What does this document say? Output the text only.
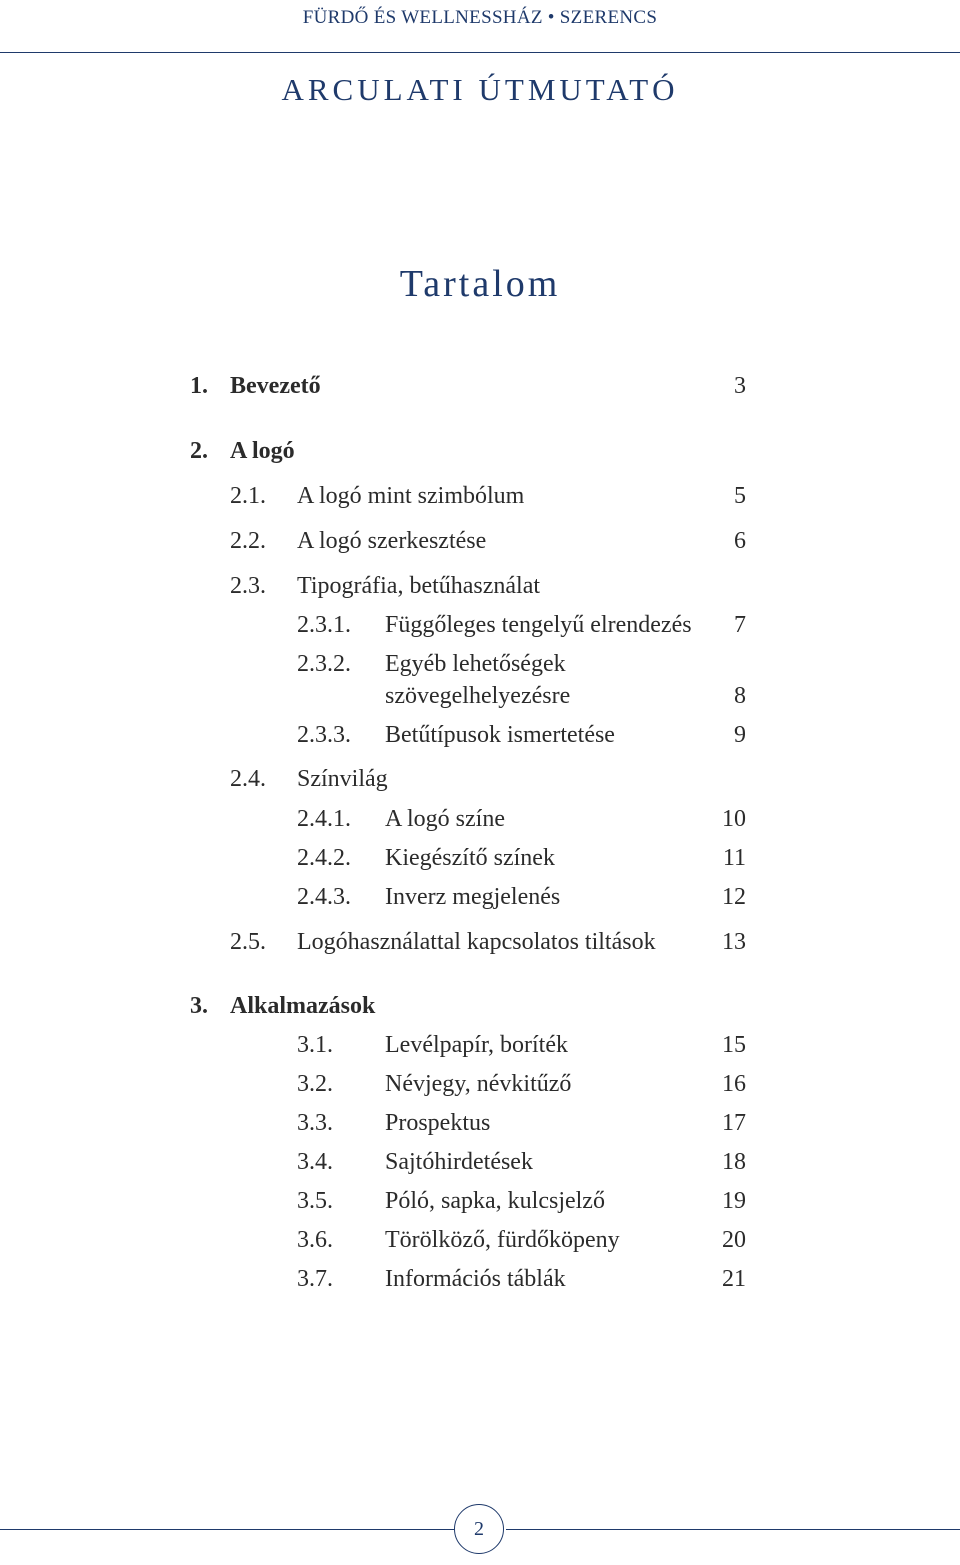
FÜRDŐ ÉS WELLNESSHÁZ • SZERENCS
ARCULATI ÚTMUTATÓ
Tartalom
1. Bevezető	3
2. A logó
2.1. A logó mint szimbólum	5
2.2. A logó szerkesztése	6
2.3. Tipográfia, betűhasználat
2.3.1. Függőleges tengelyű elrendezés	7
2.3.2. Egyéb lehetőségek
szövegelhelyezésre	8
2.3.3. Betűtípusok ismertetése	9
2.4. Színvilág
2.4.1. A logó színe	10
2.4.2. Kiegészítő színek	11
2.4.3. Inverz megjelenés	12
2.5. Logóhasználattal kapcsolatos tiltások	13
3. Alkalmazások
3.1. Levélpapír, boríték	15
3.2. Névjegy, névkitűző	16
3.3. Prospektus	17
3.4. Sajtóhirdetések	18
3.5. Póló, sapka, kulcsjelző	19
3.6. Törölköző, fürdőköpeny	20
3.7. Információs táblák	21
2
